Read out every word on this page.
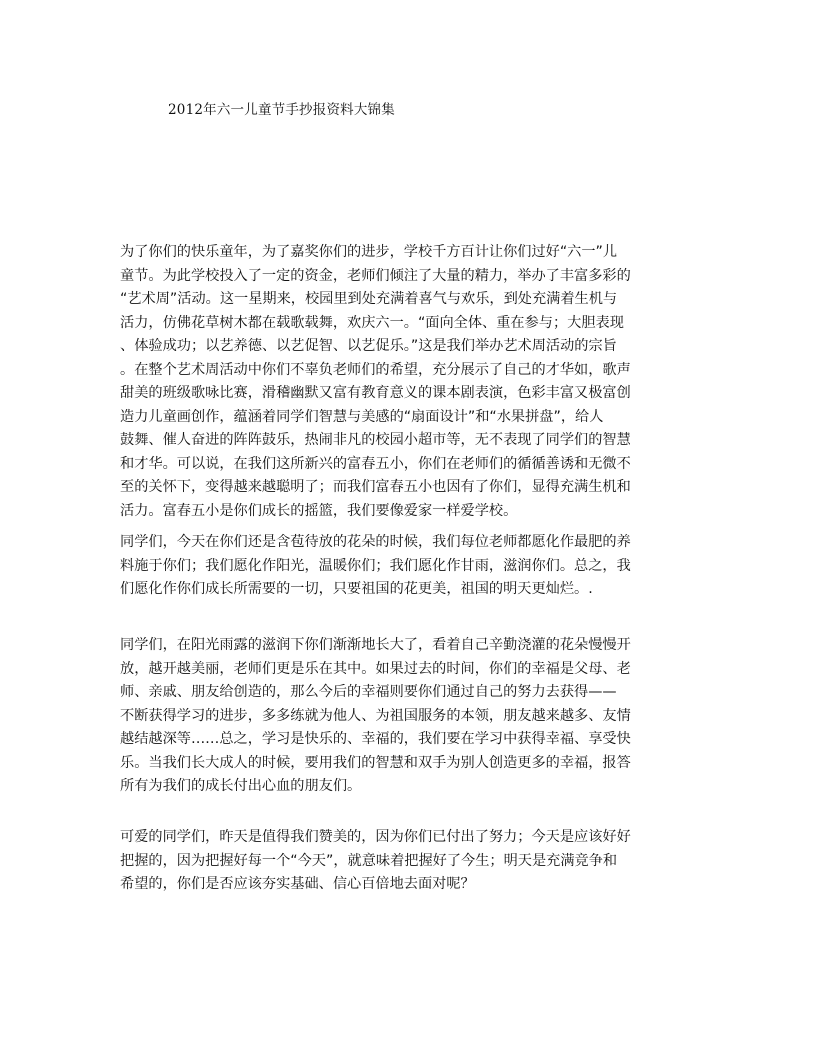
2012年六一儿童节手抄报资料大锦集
为了你们的快乐童年，为了嘉奖你们的进步，学校千方百计让你们过好“六一”儿
童节。为此学校投入了一定的资金，老师们倾注了大量的精力，举办了丰富多彩的
“艺术周”活动。这一星期来，校园里到处充满着喜气与欢乐，到处充满着生机与
活力，仿佛花草树木都在载歌载舞，欢庆六一。“面向全体、重在参与；大胆表现
、体验成功；以艺养德、以艺促智、以艺促乐。”这是我们举办艺术周活动的宗旨
。在整个艺术周活动中你们不辜负老师们的希望，充分展示了自己的才华如，歌声
甜美的班级歌咏比赛，滑稽幽默又富有教育意义的课本剧表演，色彩丰富又极富创
造力儿童画创作，蕴涵着同学们智慧与美感的“扇面设计”和“水果拼盘”，给人
鼓舞、催人奋进的阵阵鼓乐，热闹非凡的校园小超市等，无不表现了同学们的智慧
和才华。可以说，在我们这所新兴的富春五小，你们在老师们的循循善诱和无微不
至的关怀下，变得越来越聪明了；而我们富春五小也因有了你们，显得充满生机和
活力。富春五小是你们成长的摇篮，我们要像爱家一样爱学校。
同学们，今天在你们还是含苞待放的花朵的时候，我们每位老师都愿化作最肥的养
料施于你们；我们愿化作阳光，温暖你们；我们愿化作甘雨，滋润你们。总之，我
们愿化作你们成长所需要的一切，只要祖国的花更美，祖国的明天更灿烂。.
同学们，在阳光雨露的滋润下你们渐渐地长大了，看着自己辛勤浇灌的花朵慢慢开
放，越开越美丽，老师们更是乐在其中。如果过去的时间，你们的幸福是父母、老
师、亲戚、朋友给创造的，那么今后的幸福则要你们通过自己的努力去获得——
不断获得学习的进步，多多练就为他人、为祖国服务的本领，朋友越来越多、友情
越结越深等……总之，学习是快乐的、幸福的，我们要在学习中获得幸福、享受快
乐。当我们长大成人的时候，要用我们的智慧和双手为别人创造更多的幸福，报答
所有为我们的成长付出心血的朋友们。
可爱的同学们，昨天是值得我们赞美的，因为你们已付出了努力；今天是应该好好
把握的，因为把握好每一个“今天”，就意味着把握好了今生；明天是充满竞争和
希望的，你们是否应该夯实基础、信心百倍地去面对呢？
